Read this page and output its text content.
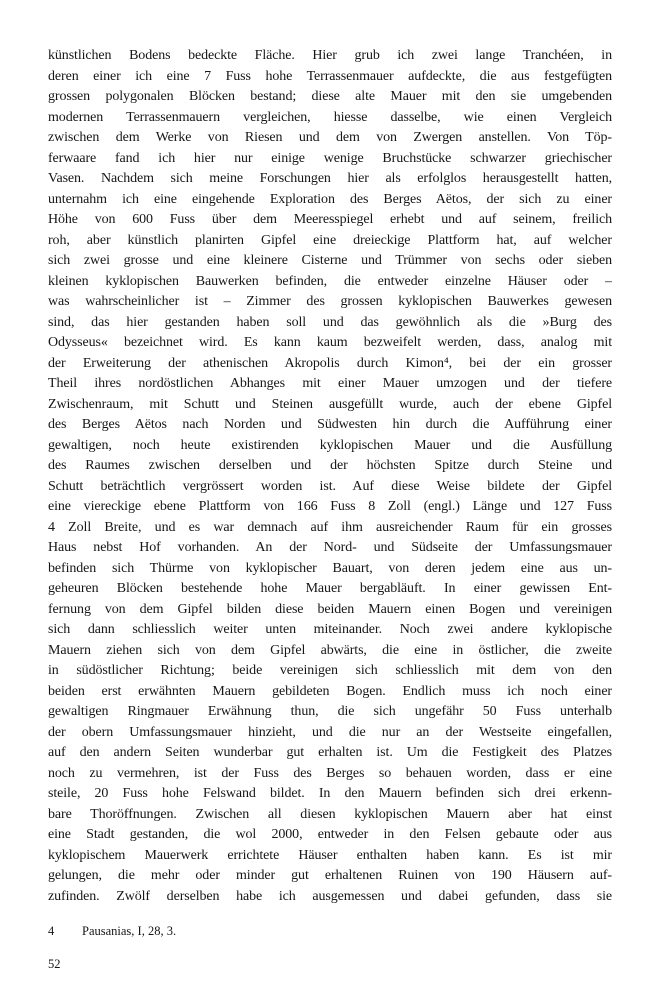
künstlichen Bodens bedeckte Fläche. Hier grub ich zwei lange Tranchéen, in
deren einer ich eine 7 Fuss hohe Terrassenmauer aufdeckte, die aus festgefügten
grossen polygonalen Blöcken bestand; diese alte Mauer mit den sie umgebenden
modernen Terrassenmauern vergleichen, hiesse dasselbe, wie einen Vergleich
zwischen dem Werke von Riesen und dem von Zwergen anstellen. Von Töp-
ferwaare fand ich hier nur einige wenige Bruchstücke schwarzer griechischer
Vasen. Nachdem sich meine Forschungen hier als erfolglos herausgestellt hatten,
unternahm ich eine eingehende Exploration des Berges Aëtos, der sich zu einer
Höhe von 600 Fuss über dem Meeresspiegel erhebt und auf seinem, freilich
roh, aber künstlich planirten Gipfel eine dreieckige Plattform hat, auf welcher
sich zwei grosse und eine kleinere Cisterne und Trümmer von sechs oder sieben
kleinen kyklopischen Bauwerken befinden, die entweder einzelne Häuser oder –
was wahrscheinlicher ist – Zimmer des grossen kyklopischen Bauwerkes gewesen
sind, das hier gestanden haben soll und das gewöhnlich als die »Burg des
Odysseus« bezeichnet wird. Es kann kaum bezweifelt werden, dass, analog mit
der Erweiterung der athenischen Akropolis durch Kimon⁴, bei der ein grosser
Theil ihres nordöstlichen Abhanges mit einer Mauer umzogen und der tiefere
Zwischenraum, mit Schutt und Steinen ausgefüllt wurde, auch der ebene Gipfel
des Berges Aëtos nach Norden und Südwesten hin durch die Aufführung einer
gewaltigen, noch heute existirenden kyklopischen Mauer und die Ausfüllung
des Raumes zwischen derselben und der höchsten Spitze durch Steine und
Schutt beträchtlich vergrössert worden ist. Auf diese Weise bildete der Gipfel
eine viereckige ebene Plattform von 166 Fuss 8 Zoll (engl.) Länge und 127 Fuss
4 Zoll Breite, und es war demnach auf ihm ausreichender Raum für ein grosses
Haus nebst Hof vorhanden. An der Nord- und Südseite der Umfassungsmauer
befinden sich Thürme von kyklopischer Bauart, von deren jedem eine aus un-
geheuren Blöcken bestehende hohe Mauer bergabläuft. In einer gewissen Ent-
fernung von dem Gipfel bilden diese beiden Mauern einen Bogen und vereinigen
sich dann schliesslich weiter unten miteinander. Noch zwei andere kyklopische
Mauern ziehen sich von dem Gipfel abwärts, die eine in östlicher, die zweite
in südöstlicher Richtung; beide vereinigen sich schliesslich mit dem von den
beiden erst erwähnten Mauern gebildeten Bogen. Endlich muss ich noch einer
gewaltigen Ringmauer Erwähnung thun, die sich ungefähr 50 Fuss unterhalb
der obern Umfassungsmauer hinzieht, und die nur an der Westseite eingefallen,
auf den andern Seiten wunderbar gut erhalten ist. Um die Festigkeit des Platzes
noch zu vermehren, ist der Fuss des Berges so behauen worden, dass er eine
steile, 20 Fuss hohe Felswand bildet. In den Mauern befinden sich drei erkenn-
bare Thoröffnungen. Zwischen all diesen kyklopischen Mauern aber hat einst
eine Stadt gestanden, die wol 2000, entweder in den Felsen gebaute oder aus
kyklopischem Mauerwerk errichtete Häuser enthalten haben kann. Es ist mir
gelungen, die mehr oder minder gut erhaltenen Ruinen von 190 Häusern auf-
zufinden. Zwölf derselben habe ich ausgemessen und dabei gefunden, dass sie
4 Pausanias, I, 28, 3.
52
